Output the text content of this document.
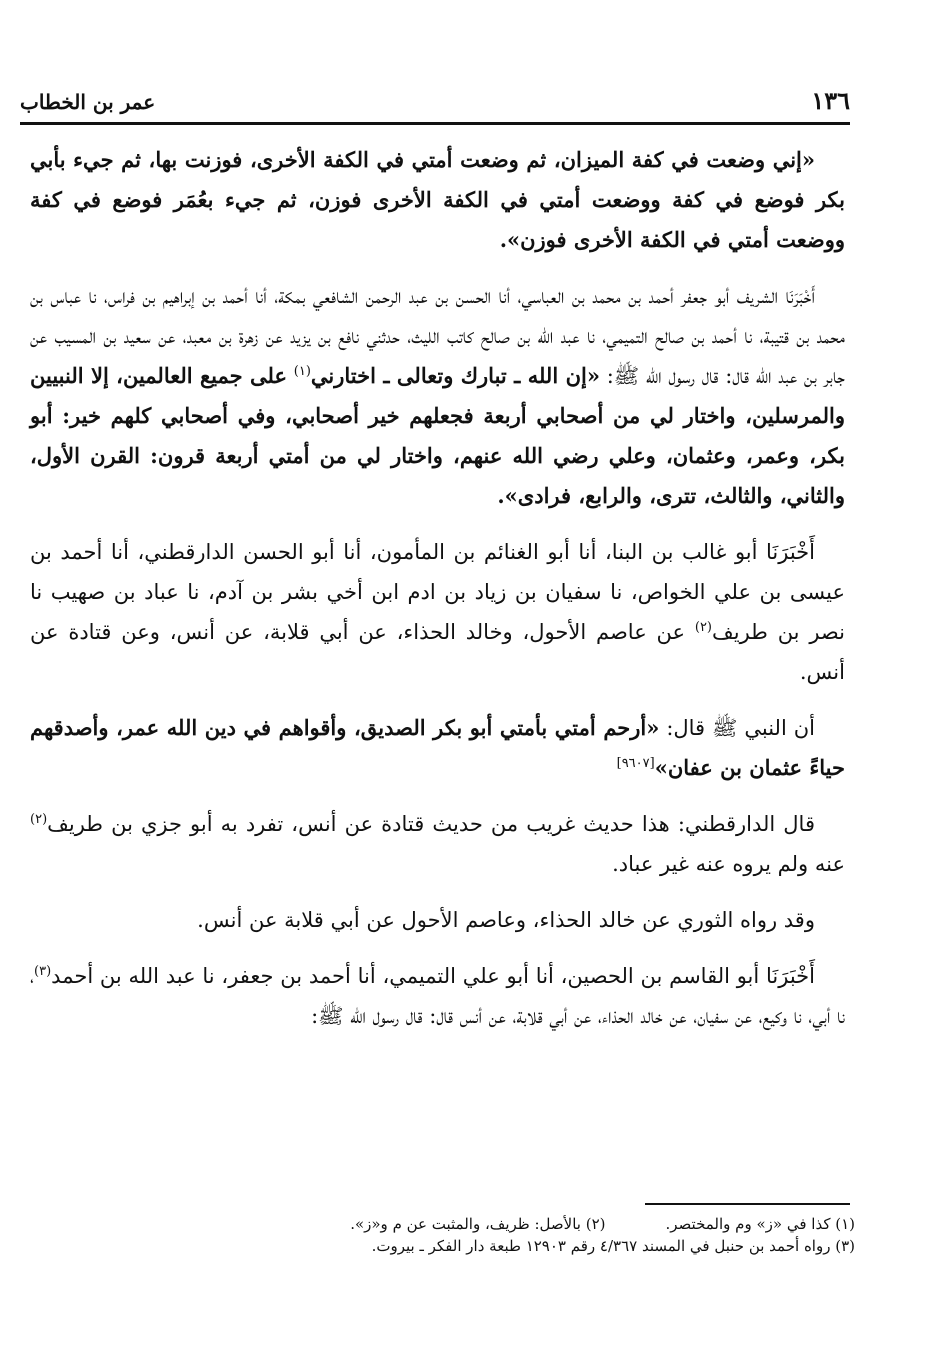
١٣٦
عمر بن الخطاب

«إني وضعت في كفة الميزان، ثم وضعت أمتي في الكفة الأخرى، فوزنت بها، ثم جيء بأبي بكر فوضع في كفة ووضعت أمتي في الكفة الأخرى فوزن، ثم جيء بعُمَر فوضع في كفة ووضعت أمتي في الكفة الأخرى فوزن».

أَخْبَرَنَا الشريف أبو جعفر أحمد بن محمد بن العباسي، أنا الحسن بن عبد الرحمن الشافعي بمكة، أنا أحمد بن إبراهيم بن فراس، نا عباس بن محمد بن قتيبة، نا أحمد بن صالح التميمي، نا عبد الله بن صالح كاتب الليث، حدثني نافع بن يزيد عن زهرة بن معبد، عن سعيد بن المسيب عن جابر بن عبد الله قال: قال رسول الله ﷺ: «إن الله ـ تبارك وتعالى ـ اختارني$^{(١)}$ على جميع العالمين، إلا النبيين والمرسلين، واختار لي من أصحابي أربعة فجعلهم خير أصحابي، وفي أصحابي كلهم خير: أبو بكر، وعمر، وعثمان، وعلي رضي الله عنهم، واختار لي من أمتي أربعة قرون: القرن الأول، والثاني، والثالث، تترى، والرابع، فرادى».

أَخْبَرَنَا أبو غالب بن البنا، أنا أبو الغنائم بن المأمون، أنا أبو الحسن الدارقطني، أنا أحمد بن عيسى بن علي الخواص، نا سفيان بن زياد بن ادم ابن أخي بشر بن آدم، نا عباد بن صهيب نا نصر بن طريف$^{(٢)}$ عن عاصم الأحول، وخالد الحذاء، عن أبي قلابة، عن أنس، وعن قتادة عن أنس.

أن النبي ﷺ قال: «أرحم أمتي بأمتي أبو بكر الصديق، وأقواهم في دين الله عمر، وأصدقهم حياءً عثمان بن عفان»[٩٦٠٧]

قال الدارقطني: هذا حديث غريب من حديث قتادة عن أنس، تفرد به أبو جزي بن طريف$^{(٢)}$ عنه ولم يروه عنه غير عباد.

وقد رواه الثوري عن خالد الحذاء، وعاصم الأحول عن أبي قلابة عن أنس.

أَخْبَرَنَا أبو القاسم بن الحصين، أنا أبو علي التميمي، أنا أحمد بن جعفر، نا عبد الله بن أحمد$^{(٣)}$، نا أبي، نا وكيع، عن سفيان، عن خالد الحذاء، عن أبي قلابة، عن أنس قال: قال رسول الله ﷺ:

(١) كذا في «ز» وم والمختصر.(٢) بالأصل: ظريف، والمثبت عن م و«ز».
(٣) رواه أحمد بن حنبل في المسند ٤/٣٦٧ رقم ١٢٩٠٣ طبعة دار الفكر ـ بيروت.
